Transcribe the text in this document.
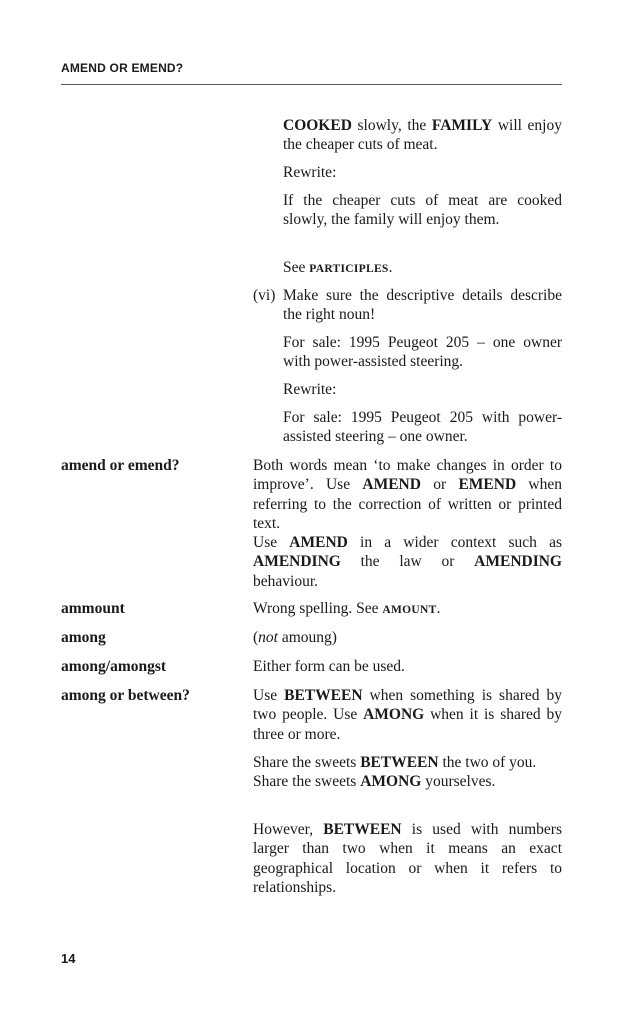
AMEND OR EMEND?

COOKED slowly, the FAMILY will enjoy the cheaper cuts of meat.

Rewrite:

If the cheaper cuts of meat are cooked slowly, the family will enjoy them.

See PARTICIPLES.

(vi) Make sure the descriptive details describe the right noun!

For sale: 1995 Peugeot 205 – one owner with power-assisted steering.

Rewrite:

For sale: 1995 Peugeot 205 with power-assisted steering – one owner.

amend or emend?	Both words mean ‘to make changes in order to improve’. Use AMEND or EMEND when referring to the correction of written or printed text.
Use AMEND in a wider context such as AMENDING the law or AMENDING behaviour.

ammount	Wrong spelling. See AMOUNT.

among	(not amoung)

among/amongst	Either form can be used.

among or between?	Use BETWEEN when something is shared by two people. Use AMONG when it is shared by three or more.

Share the sweets BETWEEN the two of you.
Share the sweets AMONG yourselves.

However, BETWEEN is used with numbers larger than two when it means an exact geographical location or when it refers to relationships.

14
